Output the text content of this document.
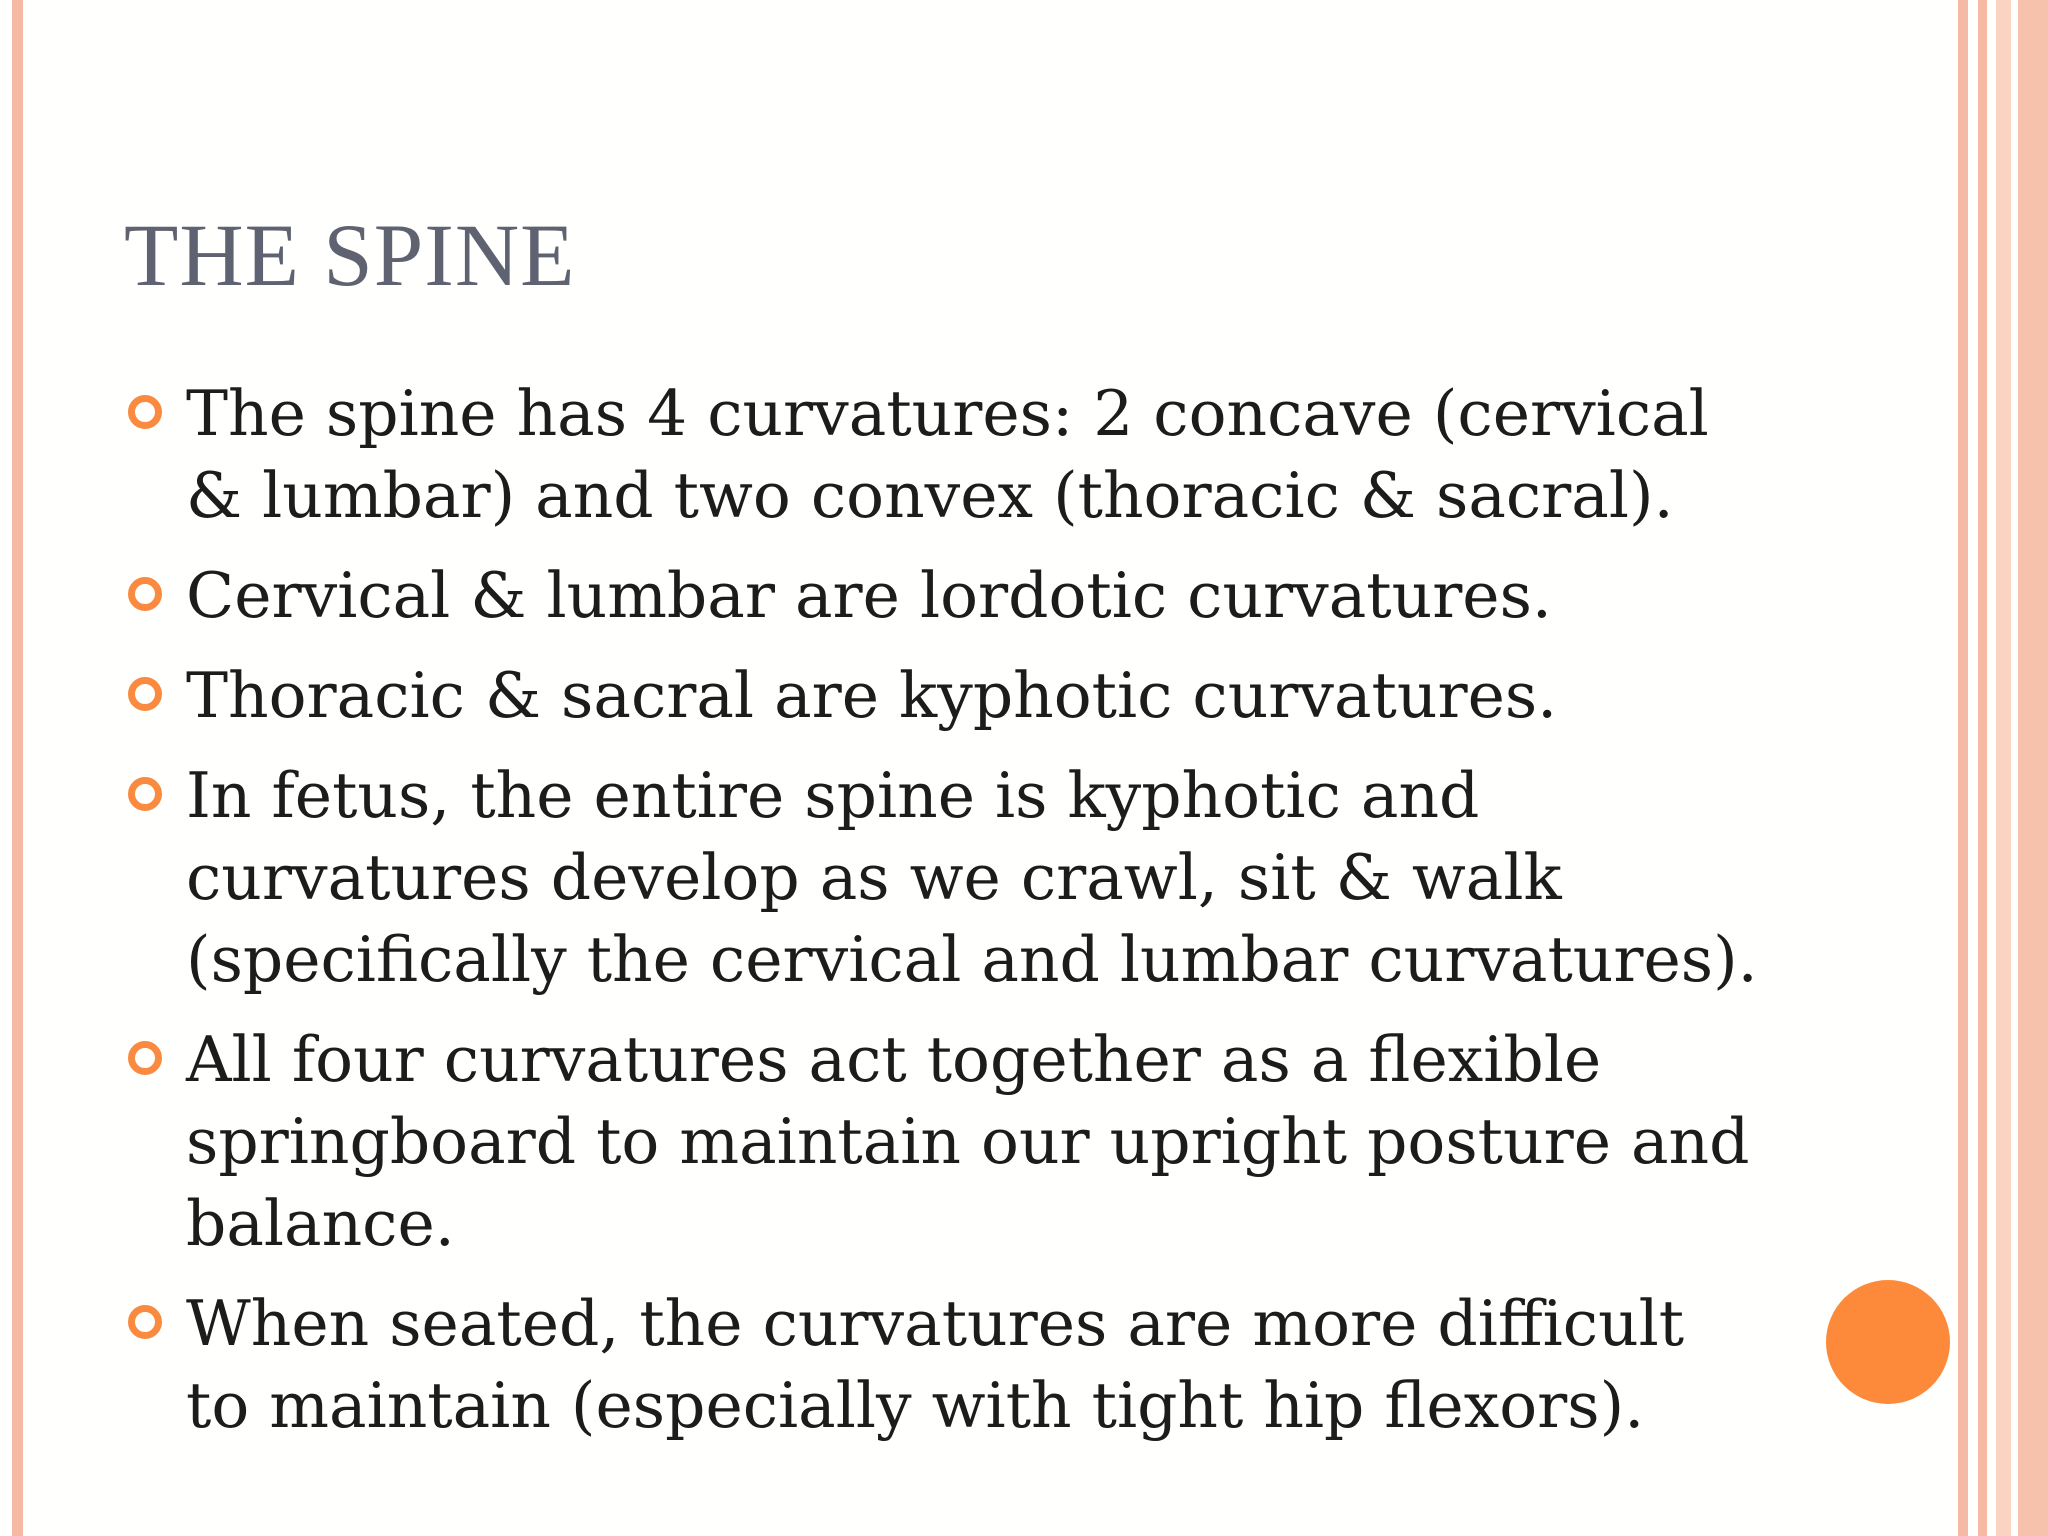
THE SPINE
The spine has 4 curvatures: 2 concave (cervical & lumbar) and two convex (thoracic & sacral).
Cervical & lumbar are lordotic curvatures.
Thoracic & sacral are kyphotic curvatures.
In fetus, the entire spine is kyphotic and curvatures develop as we crawl, sit & walk (specifically the cervical and lumbar curvatures).
All four curvatures act together as a flexible springboard to maintain our upright posture and balance.
When seated, the curvatures are more difficult to maintain (especially with tight hip flexors).
